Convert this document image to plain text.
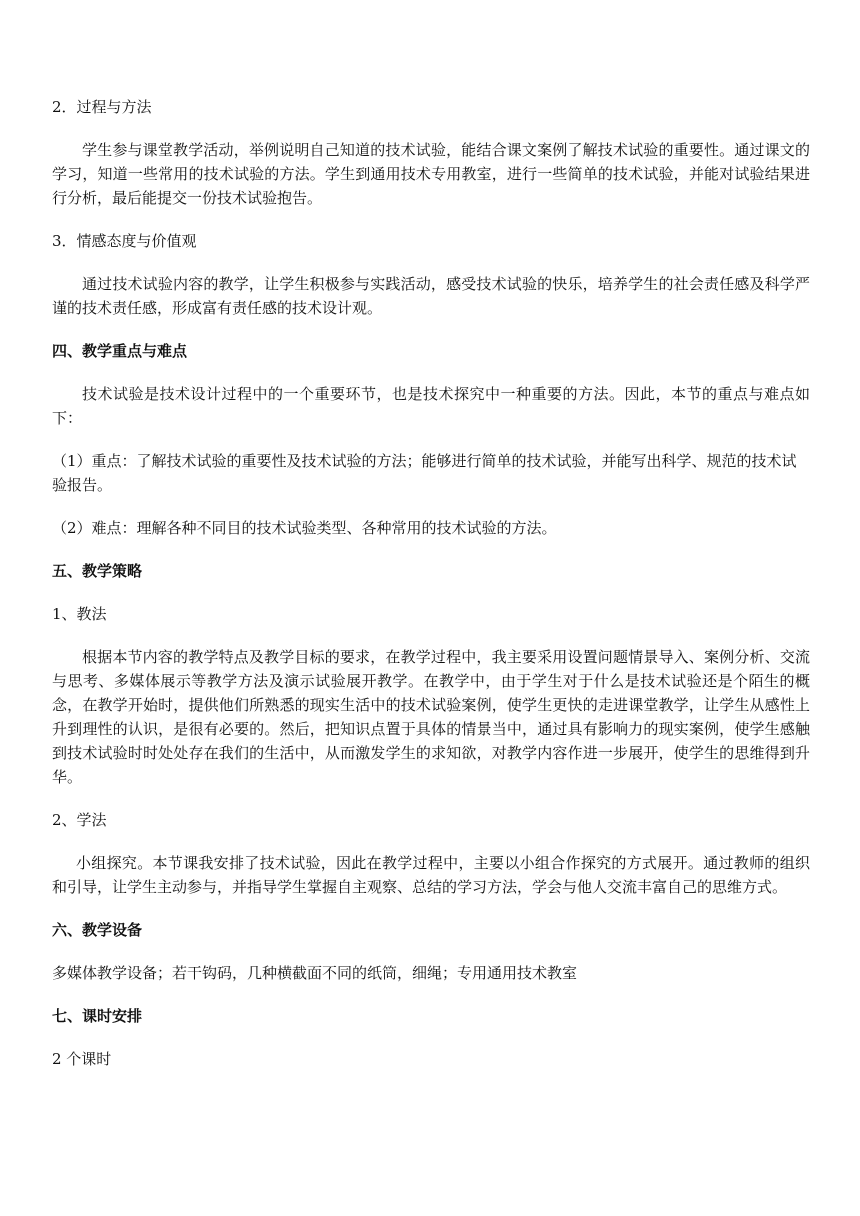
2．过程与方法

学生参与课堂教学活动，举例说明自己知道的技术试验，能结合课文案例了解技术试验的重要性。通过课文的学习，知道一些常用的技术试验的方法。学生到通用技术专用教室，进行一些简单的技术试验，并能对试验结果进行分析，最后能提交一份技术试验抱告。

3．情感态度与价值观

通过技术试验内容的教学，让学生积极参与实践活动，感受技术试验的快乐，培养学生的社会责任感及科学严谨的技术责任感，形成富有责任感的技术设计观。

四、教学重点与难点

技术试验是技术设计过程中的一个重要环节，也是技术探究中一种重要的方法。因此，本节的重点与难点如下：

（1）重点：了解技术试验的重要性及技术试验的方法；能够进行简单的技术试验，并能写出科学、规范的技术试验报告。

（2）难点：理解各种不同目的技术试验类型、各种常用的技术试验的方法。

五、教学策略

1、教法

根据本节内容的教学特点及教学目标的要求，在教学过程中，我主要采用设置问题情景导入、案例分析、交流与思考、多媒体展示等教学方法及演示试验展开教学。在教学中，由于学生对于什么是技术试验还是个陌生的概念，在教学开始时，提供他们所熟悉的现实生活中的技术试验案例，使学生更快的走进课堂教学，让学生从感性上升到理性的认识，是很有必要的。然后，把知识点置于具体的情景当中，通过具有影响力的现实案例，使学生感触到技术试验时时处处存在我们的生活中，从而激发学生的求知欲，对教学内容作进一步展开，使学生的思维得到升华。

2、学法

小组探究。本节课我安排了技术试验，因此在教学过程中，主要以小组合作探究的方式展开。通过教师的组织和引导，让学生主动参与，并指导学生掌握自主观察、总结的学习方法，学会与他人交流丰富自己的思维方式。

六、教学设备

多媒体教学设备；若干钩码，几种横截面不同的纸筒，细绳；专用通用技术教室

七、课时安排

2 个课时
